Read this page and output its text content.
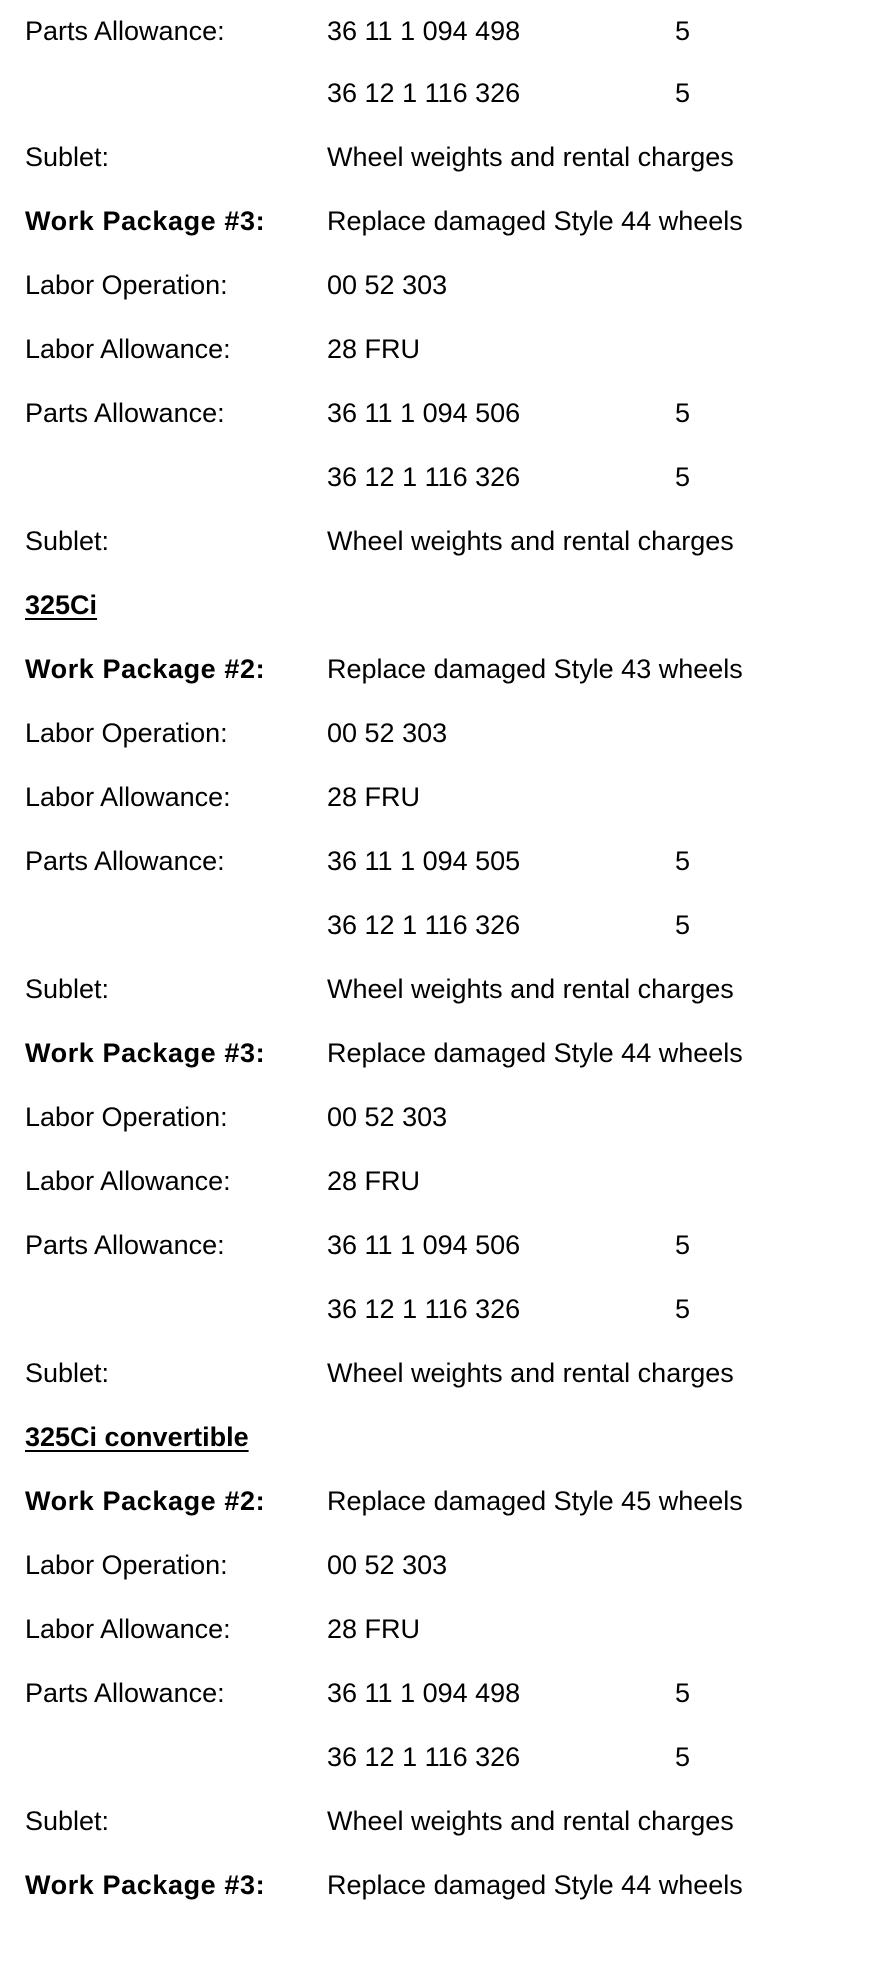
Parts Allowance:	36 11 1 094 498	5
36 12 1 116 326	5
Sublet:	Wheel weights and rental charges
Work Package #3: Replace damaged Style 44 wheels
Labor Operation:	00 52 303
Labor Allowance:	28 FRU
Parts Allowance:	36 11 1 094 506	5
36 12 1 116 326	5
Sublet:	Wheel weights and rental charges
325Ci
Work Package #2: Replace damaged Style 43 wheels
Labor Operation:	00 52 303
Labor Allowance:	28 FRU
Parts Allowance:	36 11 1 094 505	5
36 12 1 116 326	5
Sublet:	Wheel weights and rental charges
Work Package #3: Replace damaged Style 44 wheels
Labor Operation:	00 52 303
Labor Allowance:	28 FRU
Parts Allowance:	36 11 1 094 506	5
36 12 1 116 326	5
Sublet:	Wheel weights and rental charges
325Ci convertible
Work Package #2: Replace damaged Style 45 wheels
Labor Operation:	00 52 303
Labor Allowance:	28 FRU
Parts Allowance:	36 11 1 094 498	5
36 12 1 116 326	5
Sublet:	Wheel weights and rental charges
Work Package #3: Replace damaged Style 44 wheels
